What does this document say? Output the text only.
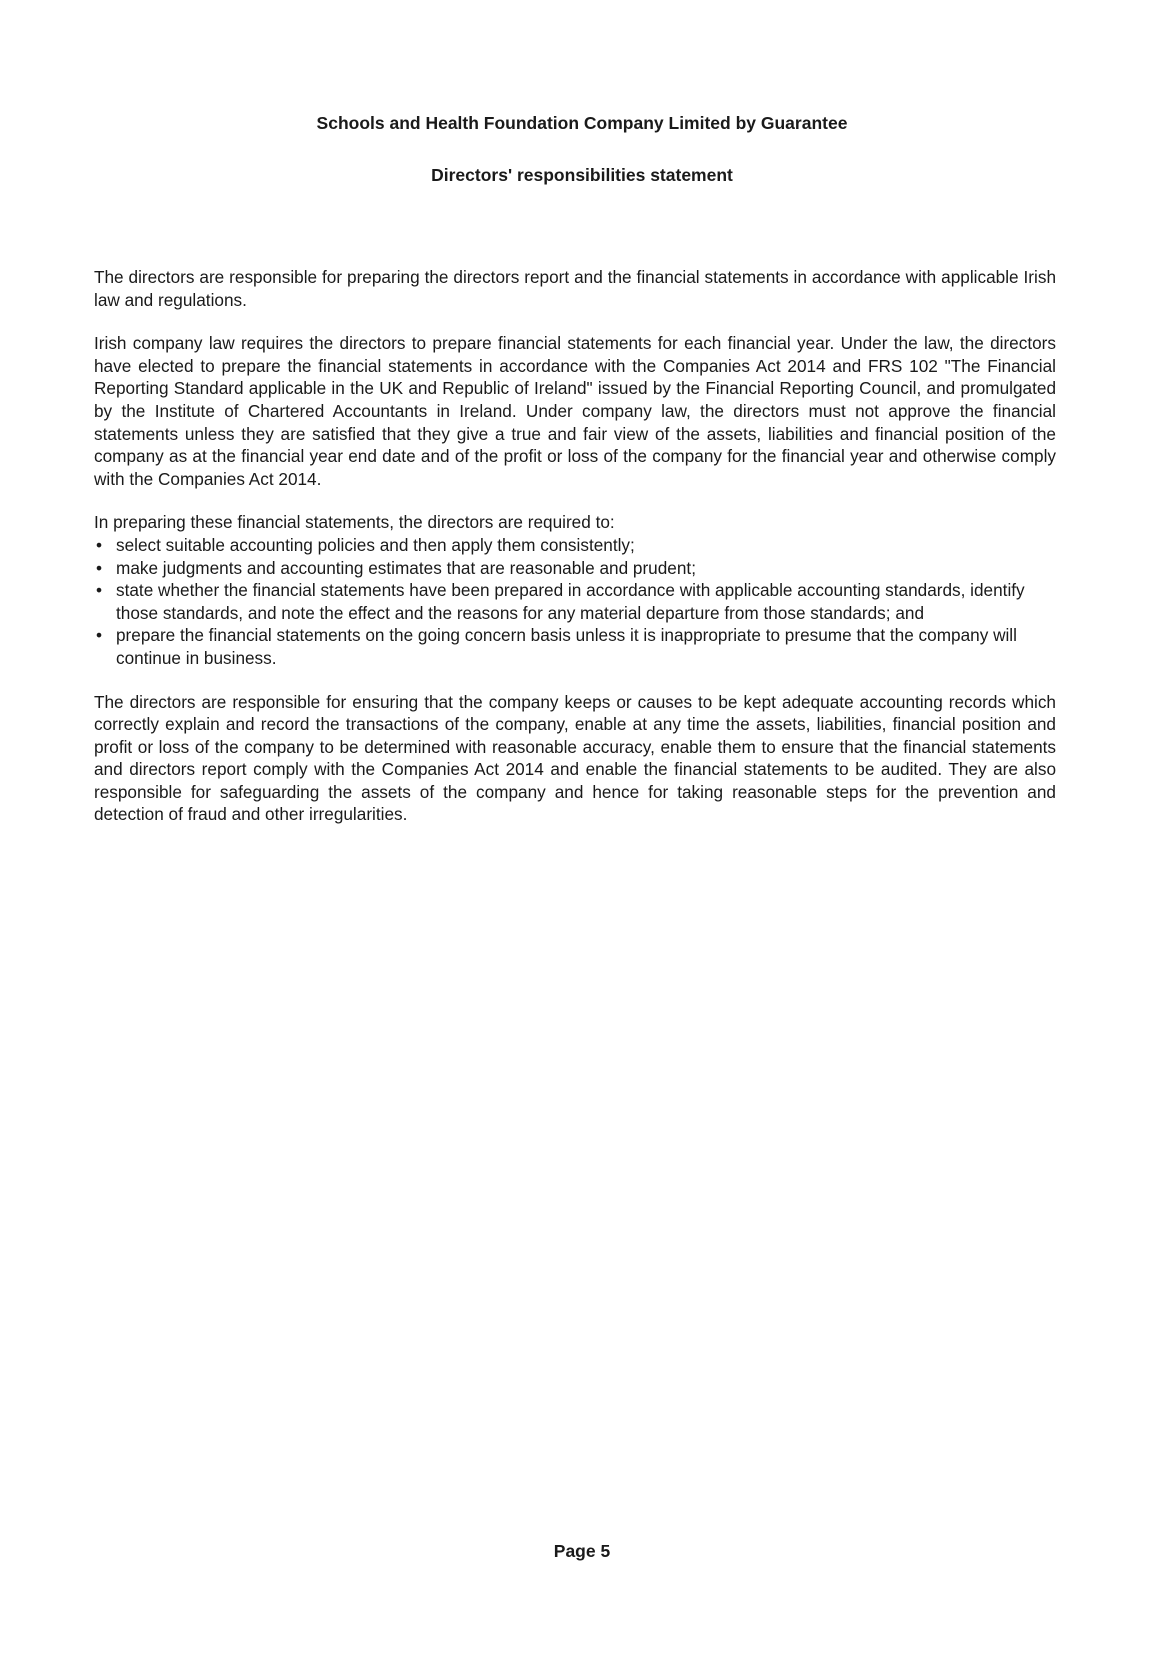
Schools and Health Foundation Company Limited by Guarantee
Directors' responsibilities statement

The directors are responsible for preparing the directors report and the financial statements in accordance with applicable Irish law and regulations.

Irish company law requires the directors to prepare financial statements for each financial year. Under the law, the directors have elected to prepare the financial statements in accordance with the Companies Act 2014 and FRS 102 "The Financial Reporting Standard applicable in the UK and Republic of Ireland" issued by the Financial Reporting Council, and promulgated by the Institute of Chartered Accountants in Ireland. Under company law, the directors must not approve the financial statements unless they are satisfied that they give a true and fair view of the assets, liabilities and financial position of the company as at the financial year end date and of the profit or loss of the company for the financial year and otherwise comply with the Companies Act 2014.

In preparing these financial statements, the directors are required to:

• select suitable accounting policies and then apply them consistently;
• make judgments and accounting estimates that are reasonable and prudent;
• state whether the financial statements have been prepared in accordance with applicable accounting standards, identify those standards, and note the effect and the reasons for any material departure from those standards; and
• prepare the financial statements on the going concern basis unless it is inappropriate to presume that the company will continue in business.

The directors are responsible for ensuring that the company keeps or causes to be kept adequate accounting records which correctly explain and record the transactions of the company, enable at any time the assets, liabilities, financial position and profit or loss of the company to be determined with reasonable accuracy, enable them to ensure that the financial statements and directors report comply with the Companies Act 2014 and enable the financial statements to be audited. They are also responsible for safeguarding the assets of the company and hence for taking reasonable steps for the prevention and detection of fraud and other irregularities.

Page 5
